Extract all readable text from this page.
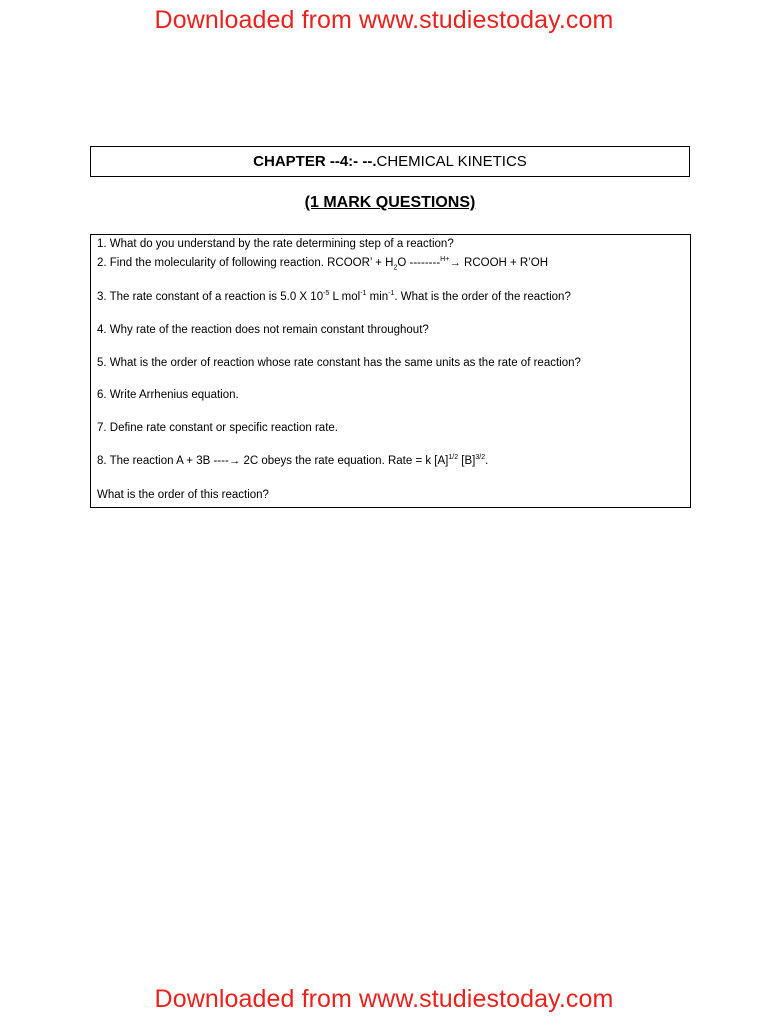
Downloaded from www.studiestoday.com
CHAPTER --4:- --. CHEMICAL KINETICS
(1 MARK QUESTIONS)
1. What do you understand by the rate determining step of a reaction?
2. Find the molecularity of following reaction. RCOOR’ + $H_2O$ --------$^{H+}$→ RCOOH + R’OH
3. The rate constant of a reaction is 5.0 X $10^{-5}$ L mol$^{-1}$ $\min^{-1}$. What is the order of the reaction?
4. Why rate of the reaction does not remain constant throughout?
5. What is the order of reaction whose rate constant has the same units as the rate of reaction?
6. Write Arrhenius equation.
7. Define rate constant or specific reaction rate.
8. The reaction A + 3B ----→ 2C obeys the rate equation. Rate = k $[A]^{1/2}$ $[B]^{3/2}$.
What is the order of this reaction?
Downloaded from www.studiestoday.com
